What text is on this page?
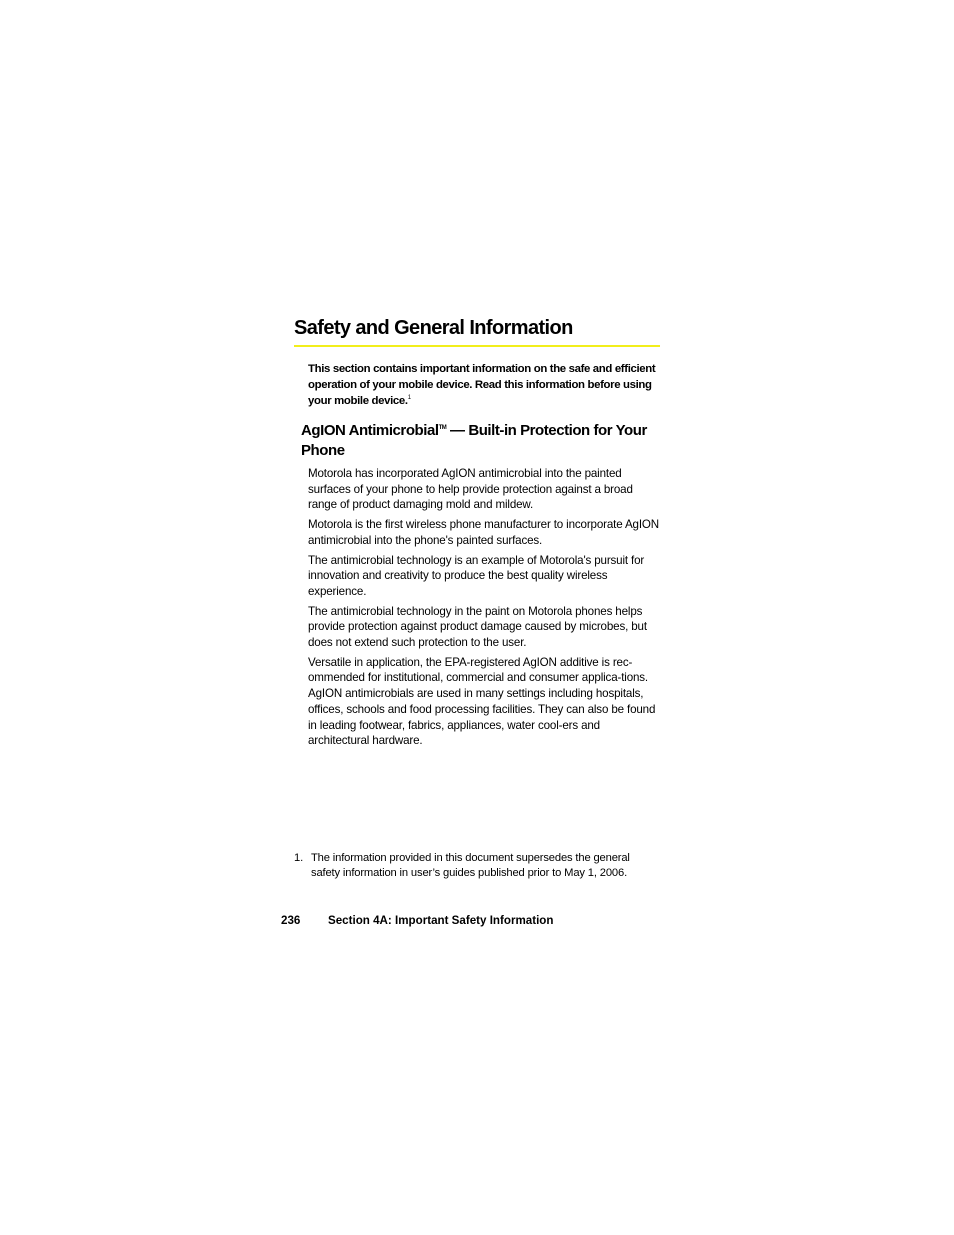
Safety and General Information

This section contains important information on the safe and efficient operation of your mobile device. Read this information before using your mobile device.$^1$

AgION Antimicrobial™ — Built-in Protection for Your Phone

Motorola has incorporated AgION antimicrobial into the painted surfaces of your phone to help provide protection against a broad range of product damaging mold and mildew.

Motorola is the first wireless phone manufacturer to incorporate AgION antimicrobial into the phone's painted surfaces.

The antimicrobial technology is an example of Motorola's pursuit for innovation and creativity to produce the best quality wireless experience.

The antimicrobial technology in the paint on Motorola phones helps provide protection against product damage caused by microbes, but does not extend such protection to the user.

Versatile in application, the EPA-registered AgION additive is rec-ommended for institutional, commercial and consumer applica-tions. AgION antimicrobials are used in many settings including hospitals, offices, schools and food processing facilities. They can also be found in leading footwear, fabrics, appliances, water cool-ers and architectural hardware.

1. The information provided in this document supersedes the general safety information in user’s guides published prior to May 1, 2006.
236 Section 4A: Important Safety Information
